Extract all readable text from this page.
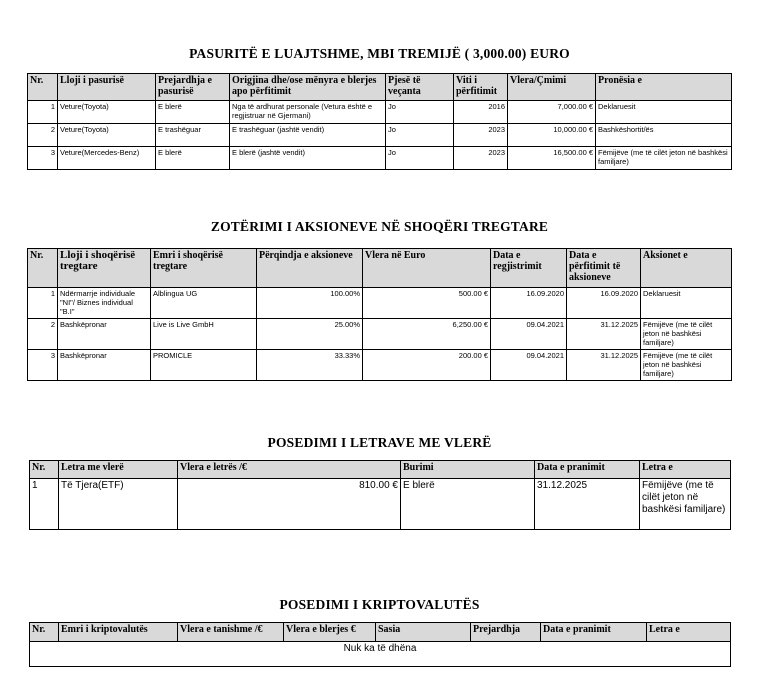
PASURITË E LUAJTSHME, MBI TREMIJË ( 3,000.00) EURO
Nr.	Lloji i pasurisë	Prejardhja e pasurisë	Origjina dhe/ose mënyra e blerjes apo përfitimit	Pjesë të veçanta	Viti i përfitimit	Vlera/Çmimi	Pronësia e
1	Veture(Toyota)	E blerë	Nga të ardhurat personale (Vetura është e regjistruar në Gjermani)	Jo	2016	7,000.00 €	Deklaruesit
2	Veture(Toyota)	E trashëguar	E trashëguar (jashtë vendit)	Jo	2023	10,000.00 €	Bashkëshortit/ës
3	Veture(Mercedes-Benz)	E blerë	E blerë (jashtë vendit)	Jo	2023	16,500.00 €	Fëmijëve (me të cilët jeton në bashkësi familjare)
ZOTËRIMI I AKSIONEVE NË SHOQËRI TREGTARE
Nr.	Lloji i shoqërisë tregtare	Emri i shoqërisë tregtare	Përqindja e aksioneve	Vlera në Euro	Data e regjistrimit	Data e përfitimit të aksioneve	Aksionet e
1	Ndërmarrje individuale "NI"/ Biznes individual "B.I"	Alblingua UG	100.00%	500.00 €	16.09.2020	16.09.2020	Deklaruesit
2	Bashkëpronar	Live is Live GmbH	25.00%	6,250.00 €	09.04.2021	31.12.2025	Fëmijëve (me të cilët jeton në bashkësi familjare)
3	Bashkëpronar	PROMICLE	33.33%	200.00 €	09.04.2021	31.12.2025	Fëmijëve (me të cilët jeton në bashkësi familjare)
POSEDIMI I LETRAVE ME VLERË
Nr.	Letra me vlerë	Vlera e letrës /€	Burimi	Data e pranimit	Letra e
1	Të Tjera(ETF)	810.00 €	E blerë	31.12.2025	Fëmijëve (me të cilët jeton në bashkësi familjare)
POSEDIMI I KRIPTOVALUTËS
Nr.	Emri i kriptovalutës	Vlera e tanishme /€	Vlera e blerjes €	Sasia	Prejardhja	Data e pranimit	Letra e
Nuk ka të dhëna
